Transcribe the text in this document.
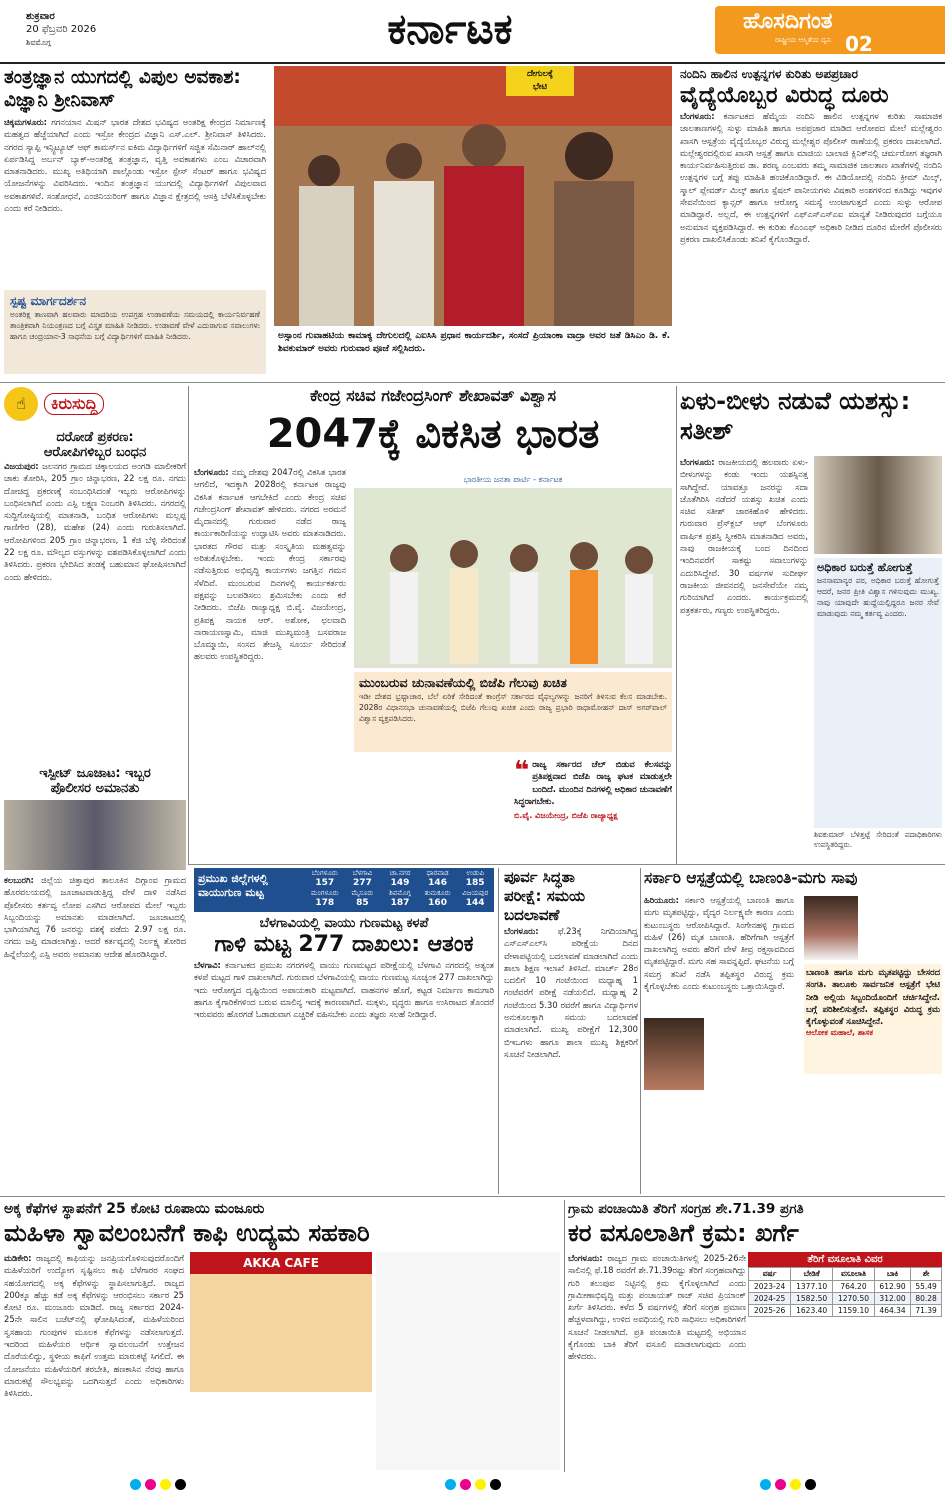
ಶುಕ್ರವಾರ
20 ಫೆಬ್ರವರಿ 2026
ಶಿವಮೊಗ್ಗ	ಕರ್ನಾಟಕ	ಹೊಸದಿಗಂತ
ರಾಷ್ಟ್ರೀಯ ಆಸ್ಮಿತೆಯ ದ್ವನಿ 02
ತಂತ್ರಜ್ಞಾನ ಯುಗದಲ್ಲಿ ವಿಪುಲ ಅವಕಾಶ: ವಿಜ್ಞಾನಿ ಶ್ರೀನಿವಾಸ್
ಚಿಕ್ಕಮಗಳೂರು: ಗಗನಯಾನ ಮಿಷನ್ ಭಾರತ ದೇಶದ ಭವಿಷ್ಯದ ಅಂತರಿಕ್ಷ ಕೇಂದ್ರದ ನಿರ್ಮಾಣಕ್ಕೆ ಮಹತ್ವದ ಹೆಜ್ಜೆಯಾಗಿದೆ ಎಂದು ಇಸ್ರೋ ಕೇಂದ್ರದ ವಿಜ್ಞಾನಿ ಎಸ್.ಎಲ್. ಶ್ರೀನಿವಾಸ್ ತಿಳಿಸಿದರು. ನಗರದ ಸ್ಯಾಪ್ಪಿ ಇನ್ಸ್ಟಿಟ್ಯೂಟ್ ಆಫ್ ಕಾಮರ್ಸ್‌ನ ಐಕಿಮ ವಿದ್ಯಾರ್ಥಿಗಳಿಗೆ ಸಜ್ಜಿತ ಸೆಮಿನಾರ್ ಹಾಲ್‌ನಲ್ಲಿ ಏರ್ಪಡಿಸಿದ್ದ ಅರ್ಬನ್ ಬ್ಯಾಕ್-ಅಂತರಿಕ್ಷ ತಂತ್ರಜ್ಞಾನ, ವೃತ್ತಿ ಅವಕಾಶಗಳು ಎಂಬ ವಿಚಾರವಾಗಿ ಮಾತನಾಡಿದರು. ಮುಖ್ಯ ಅತಿಥಿಯಾಗಿ ಪಾಲ್ಗೊಂಡು ಇಸ್ರೋ ಸ್ಪೇಸ್ ಸೆಂಟರ್ ಹಾಗೂ ಭವಿಷ್ಯದ ಯೋಜನೆಗಳನ್ನು ವಿವರಿಸಿದರು. ಇಂದಿನ ತಂತ್ರಜ್ಞಾನ ಯುಗದಲ್ಲಿ ವಿದ್ಯಾರ್ಥಿಗಳಿಗೆ ವಿಪುಲವಾದ ಅವಕಾಶಗಳಿವೆ. ಸಂಶೋಧನೆ, ಎಂಜಿನಿಯರಿಂಗ್ ಹಾಗೂ ವಿಜ್ಞಾನ ಕ್ಷೇತ್ರದಲ್ಲಿ ಆಸಕ್ತಿ ಬೆಳೆಸಿಕೊಳ್ಳಬೇಕು ಎಂದು ಕರೆ ನೀಡಿದರು.
ಸ್ಪಷ್ಟ ಮಾರ್ಗದರ್ಶನ
ಅಂತರಿಕ್ಷ ತಾಣವಾಗಿ ಹಲವಾರು ಮಾದರಿಯ ಉಪಗ್ರಹ ಉಡಾವಣೆಯ ಸಮಯದಲ್ಲಿ ಕಾರ್ಯನಿರ್ವಹಣೆ ತಾಂತ್ರಿಕವಾಗಿ ನಿಯಂತ್ರಣದ ಬಗ್ಗೆ ವಿಸ್ತೃತ ಮಾಹಿತಿ ನೀಡಿದರು. ಉಡಾವಣೆ ವೇಳೆ ಎದುರಾಗುವ ಸವಾಲುಗಳು ಹಾಗೂ ಚಂದ್ರಯಾನ-3 ಸಾಧನೆಯ ಬಗ್ಗೆ ವಿದ್ಯಾರ್ಥಿಗಳಿಗೆ ಮಾಹಿತಿ ನೀಡಿದರು.
ದೇಗುಲಕ್ಕೆ
ಭೇಟಿ
ಅಸ್ಸಾಂನ ಗುವಾಹಟಿಯ ಕಾಮಾಕ್ಯ ದೇಗುಲದಲ್ಲಿ ಎಐಸಿಸಿ ಪ್ರಧಾನ ಕಾರ್ಯದರ್ಶಿ, ಸಂಸದೆ ಪ್ರಿಯಾಂಕಾ ವಾದ್ರಾ ಅವರ ಜತೆ ಡಿಸಿಎಂ ಡಿ. ಕೆ. ಶಿವಕುಮಾರ್ ಅವರು ಗುರುವಾರ ಪೂಜೆ ಸಲ್ಲಿಸಿದರು.
ನಂದಿನಿ ಹಾಲಿನ ಉತ್ಪನ್ನಗಳ ಕುರಿತು ಅಪಪ್ರಚಾರ
ವೈದ್ಯೆಯೊಬ್ಬರ ವಿರುದ್ಧ ದೂರು
ಬೆಂಗಳೂರು: ಕರ್ನಾಟಕದ ಹೆಮ್ಮೆಯ ನಂದಿನಿ ಹಾಲಿನ ಉತ್ಪನ್ನಗಳ ಕುರಿತು ಸಾಮಾಜಿಕ ಜಾಲತಾಣಗಳಲ್ಲಿ ಸುಳ್ಳು ಮಾಹಿತಿ ಹಾಗೂ ಅಪಪ್ರಚಾರ ಮಾಡಿದ ಆರೋಪದ ಮೇಲೆ ಮಲ್ಲೇಶ್ವರಂ ಖಾಸಗಿ ಆಸ್ಪತ್ರೆಯ ವೈದ್ಯೆಯೊಬ್ಬರ ವಿರುದ್ಧ ಮಲ್ಲೇಶ್ವರ ಪೊಲೀಸ್ ಠಾಣೆಯಲ್ಲಿ ಪ್ರಕರಣ ದಾಖಲಾಗಿದೆ. ಮಲ್ಲೇಶ್ವರದಲ್ಲಿರುವ ಖಾಸಗಿ ಆಸ್ಪತ್ರೆ ಹಾಗೂ ಮಾಜಿಯ ಬಾಲಾಜಿ ಕ್ಲಿನಿಕ್‌ನಲ್ಲಿ ಚರ್ಮರೋಗ ತಜ್ಞರಾಗಿ ಕಾರ್ಯನಿರ್ವಹಿಸುತ್ತಿರುವ ಡಾ. ಶರಣ್ಯ ಎಂಬವರು ತಮ್ಮ ಸಾಮಾಜಿಕ ಜಾಲತಾಣ ಖಾತೆಗಳಲ್ಲಿ ನಂದಿನಿ ಉತ್ಪನ್ನಗಳ ಬಗ್ಗೆ ತಪ್ಪು ಮಾಹಿತಿ ಹಂಚಿಕೊಂಡಿದ್ದಾರೆ. ಈ ವಿಡಿಯೋದಲ್ಲಿ ನಂದಿನಿ ಕ್ರೀಮ್ ಮಿಲ್ಕ್, ಸ್ಮಾಲ್ ಪ್ಲೇವರ್ಡ್ ಮಿಲ್ಕ್ ಹಾಗೂ ಸ್ಪೆಷಲ್ ಪಾನೀಯಗಳು ವಿಷಕಾರಿ ಅಂಶಗಳಿಂದ ಕೂಡಿದ್ದು ಇವುಗಳ ಸೇವನೆಯಿಂದ ಕ್ಯಾನ್ಸರ್ ಹಾಗೂ ಆರೋಗ್ಯ ಸಮಸ್ಯೆ ಉಂಟಾಗುತ್ತದೆ ಎಂದು ಸುಳ್ಳು ಆರೋಪ ಮಾಡಿದ್ದಾರೆ. ಅಲ್ಲದೆ, ಈ ಉತ್ಪನ್ನಗಳಿಗೆ ಎಫ್‌ಎಸ್‌ಎಸ್‌ಎಐ ಮಾನ್ಯತೆ ನೀಡಿರುವುದರ ಬಗ್ಗೆಯೂ ಅನುಮಾನ ವ್ಯಕ್ತಪಡಿಸಿದ್ದಾರೆ. ಈ ಕುರಿತು ಕೆಎಂಎಫ್ ಅಧಿಕಾರಿ ನೀಡಿದ ದೂರಿನ ಮೇರೆಗೆ ಪೊಲೀಸರು ಪ್ರಕರಣ ದಾಖಲಿಸಿಕೊಂಡು ತನಿಖೆ ಕೈಗೊಂಡಿದ್ದಾರೆ.
☝	ಕಿರುಸುದ್ದಿ
ದರೋಡೆ ಪ್ರಕರಣ:
ಆರೋಪಿಗಳಿಬ್ಬರ ಬಂಧನ
ವಿಜಯಪುರ: ಜಲನಗರ ಗ್ರಾಮದ ಚಿಕ್ಕಾಲಯದ ಅಂಗಡಿ ಮಾಲೀಕರಿಗೆ ಚಾಕು ತೋರಿಸಿ, 205 ಗ್ರಾಂ ಚಿನ್ನಾಭರಣ, 22 ಲಕ್ಷ ರೂ. ನಗದು ದೋಚಿದ್ದ ಪ್ರಕರಣಕ್ಕೆ ಸಂಬಂಧಿಸಿದಂತೆ ಇಬ್ಬರು ಆರೋಪಿಗಳನ್ನು ಬಂಧಿಸಲಾಗಿದೆ ಎಂದು ಎಸ್ಪಿ ಲಕ್ಷ್ಮಣ ನಿಂಬರಗಿ ತಿಳಿಸಿದರು. ನಗರದಲ್ಲಿ ಸುದ್ದಿಗೋಷ್ಠಿಯಲ್ಲಿ ಮಾತನಾಡಿ, ಬಂಧಿತ ಆರೋಪಿಗಳು ಮಲ್ಲಪ್ಪ ಗಾಣಿಗೇರ (28), ಮಹೇಶ (24) ಎಂದು ಗುರುತಿಸಲಾಗಿದೆ. ಆರೋಪಿಗಳಿಂದ 205 ಗ್ರಾಂ ಚಿನ್ನಾಭರಣ, 1 ಕೆಜಿ ಬೆಳ್ಳಿ ಸೇರಿದಂತೆ 22 ಲಕ್ಷ ರೂ. ಮೌಲ್ಯದ ವಸ್ತುಗಳನ್ನು ವಶಪಡಿಸಿಕೊಳ್ಳಲಾಗಿದೆ ಎಂದು ತಿಳಿಸಿದರು. ಪ್ರಕರಣ ಭೇದಿಸಿದ ತಂಡಕ್ಕೆ ಬಹುಮಾನ ಘೋಷಿಸಲಾಗಿದೆ ಎಂದು ಹೇಳಿದರು.
ಇಸ್ಪೀಟ್ ಜೂಜಾಟ: ಇಬ್ಬರ
ಪೊಲೀಸರ ಅಮಾನತು
ಕಲಬುರಗಿ: ಜಿಲ್ಲೆಯ ಚಿತ್ತಾಪುರ ತಾಲೂಕಿನ ದಿಗ್ಗಾಂವ ಗ್ರಾಮದ ಹೊರವಲಯದಲ್ಲಿ ಜೂಜಾಟವಾಡುತ್ತಿದ್ದ ವೇಳೆ ದಾಳಿ ನಡೆಸಿದ ಪೊಲೀಸರು ಕರ್ತವ್ಯ ಲೋಪ ಎಸಗಿದ ಆರೋಪದ ಮೇಲೆ ಇಬ್ಬರು ಸಿಬ್ಬಂದಿಯನ್ನು ಅಮಾನತು ಮಾಡಲಾಗಿದೆ. ಜೂಜಾಟದಲ್ಲಿ ಭಾಗಿಯಾಗಿದ್ದ 76 ಜನರನ್ನು ವಶಕ್ಕೆ ಪಡೆದು 2.97 ಲಕ್ಷ ರೂ. ನಗದು ಜಪ್ತಿ ಮಾಡಲಾಗಿತ್ತು. ಆದರೆ ಕರ್ತವ್ಯದಲ್ಲಿ ನಿರ್ಲಕ್ಷ್ಯ ತೋರಿದ ಹಿನ್ನೆಲೆಯಲ್ಲಿ ಎಸ್ಪಿ ಅವರು ಅಮಾನತು ಆದೇಶ ಹೊರಡಿಸಿದ್ದಾರೆ.
ಕೇಂದ್ರ ಸಚಿವ ಗಜೇಂದ್ರಸಿಂಗ್ ಶೇಖಾವತ್ ವಿಶ್ವಾಸ
2047ಕ್ಕೆ ವಿಕಸಿತ ಭಾರತ
ಬೆಂಗಳೂರು: ನಮ್ಮ ದೇಶವು 2047ರಲ್ಲಿ ವಿಕಸಿತ ಭಾರತ ಆಗಲಿದೆ, ಇದಕ್ಕಾಗಿ 2028ರಲ್ಲಿ ಕರ್ನಾಟಕ ರಾಜ್ಯವು ವಿಕಸಿತ ಕರ್ನಾಟಕ ಆಗಬೇಕಿದೆ ಎಂದು ಕೇಂದ್ರ ಸಚಿವ ಗಜೇಂದ್ರಸಿಂಗ್ ಶೇಖಾವತ್ ಹೇಳಿದರು. ನಗರದ ಅರಮನೆ ಮೈದಾನದಲ್ಲಿ ಗುರುವಾರ ನಡೆದ ರಾಜ್ಯ ಕಾರ್ಯಕಾರಿಣಿಯನ್ನು ಉದ್ಘಾಟಿಸಿ ಅವರು ಮಾತನಾಡಿದರು. ಭಾರತದ ಗೌರವ ಮತ್ತು ಸಂಸ್ಕೃತಿಯ ಮಹತ್ವವನ್ನು ಅರಿತುಕೊಳ್ಳಬೇಕು. ಇಂದು ಕೇಂದ್ರ ಸರ್ಕಾರವು ನಡೆಸುತ್ತಿರುವ ಅಭಿವೃದ್ಧಿ ಕಾರ್ಯಗಳು ಜಗತ್ತಿನ ಗಮನ ಸೆಳೆದಿವೆ. ಮುಂಬರುವ ದಿನಗಳಲ್ಲಿ ಕಾರ್ಯಕರ್ತರು ಪಕ್ಷವನ್ನು ಬಲಪಡಿಸಲು ಶ್ರಮಿಸಬೇಕು ಎಂದು ಕರೆ ನೀಡಿದರು. ಬಿಜೆಪಿ ರಾಜ್ಯಾಧ್ಯಕ್ಷ ಬಿ.ವೈ. ವಿಜಯೇಂದ್ರ, ಪ್ರತಿಪಕ್ಷ ನಾಯಕ ಆರ್. ಅಶೋಕ, ಛಲವಾದಿ ನಾರಾಯಣಸ್ವಾಮಿ, ಮಾಜಿ ಮುಖ್ಯಮಂತ್ರಿ ಬಸವರಾಜ ಬೊಮ್ಮಾಯಿ, ಸಂಸದ ತೇಜಸ್ವಿ ಸೂರ್ಯ ಸೇರಿದಂತೆ ಹಲವರು ಉಪಸ್ಥಿತರಿದ್ದರು.
ಭಾರತೀಯ ಜನತಾ ಪಾರ್ಟಿ - ಕರ್ನಾಟಕ
ಮುಂಬರುವ ಚುನಾವಣೆಯಲ್ಲಿ ಬಿಜೆಪಿ ಗೆಲುವು ಖಚಿತ
ಇಡೀ ದೇಶದ ಭ್ರಷ್ಟಾಚಾರ, ಬೆಲೆ ಏರಿಕೆ ಸೇರಿದಂತೆ ಕಾಂಗ್ರೆಸ್ ಸರ್ಕಾರದ ವೈಫಲ್ಯಗಳನ್ನು ಜನರಿಗೆ ತಿಳಿಸುವ ಕೆಲಸ ಮಾಡಬೇಕು. 2028ರ ವಿಧಾನಸಭಾ ಚುನಾವಣೆಯಲ್ಲಿ ಬಿಜೆಪಿ ಗೆಲುವು ಖಚಿತ ಎಂದು ರಾಜ್ಯ ಪ್ರಭಾರಿ ರಾಧಾಮೋಹನ್ ದಾಸ್ ಅಗರ್‌ವಾಲ್ ವಿಶ್ವಾಸ ವ್ಯಕ್ತಪಡಿಸಿದರು.
❝ ರಾಜ್ಯ ಸರ್ಕಾರದ ಚೆಲ್ ಬಿಡುವ ಕೆಲಸವನ್ನು ಪ್ರತಿಪಕ್ಷವಾದ ಬಿಜೆಪಿ ರಾಜ್ಯ ಘಟಕ ಮಾಡುತ್ತಲೇ ಬಂದಿದೆ. ಮುಂದಿನ ದಿನಗಳಲ್ಲಿ ಅಧಿಕಾರ ಚುನಾವಣೆಗೆ ಸಿದ್ಧರಾಗಬೇಕು.
ಬಿ.ವೈ. ವಿಜಯೇಂದ್ರ, ಬಿಜೆಪಿ ರಾಜ್ಯಾಧ್ಯಕ್ಷ
ಏಳು-ಬೀಳು ನಡುವೆ ಯಶಸ್ಸು: ಸತೀಶ್
ಬೆಂಗಳೂರು: ರಾಜಕೀಯದಲ್ಲಿ ಹಲವಾರು ಏಳು-ಬೀಳುಗಳನ್ನು ಕಂಡು ಇಂದು ಯಶಸ್ಸಿನತ್ತ ಸಾಗಿದ್ದೇವೆ. ಯಾವತ್ತೂ ಜನರನ್ನು ಸದಾ ಜೊತೆಗಿರಿಸಿ ನಡೆದರೆ ಯಶಸ್ಸು ಖಚಿತ ಎಂದು ಸಚಿವ ಸತೀಶ್ ಜಾರಕಿಹೊಳಿ ಹೇಳಿದರು. ಗುರುವಾರ ಪ್ರೆಸ್‌ಕ್ಲಬ್ ಆಫ್ ಬೆಂಗಳೂರು ವಾರ್ಷಿಕ ಪ್ರಶಸ್ತಿ ಸ್ವೀಕರಿಸಿ ಮಾತನಾಡಿದ ಅವರು, ನಾವು ರಾಜಕೀಯಕ್ಕೆ ಬಂದ ದಿನದಿಂದ ಇಂದಿನವರೆಗೆ ಸಾಕಷ್ಟು ಸವಾಲುಗಳನ್ನು ಎದುರಿಸಿದ್ದೇವೆ. 30 ವರ್ಷಗಳ ಸುದೀರ್ಘ ರಾಜಕೀಯ ಜೀವನದಲ್ಲಿ ಜನಸೇವೆಯೇ ನಮ್ಮ ಗುರಿಯಾಗಿದೆ ಎಂದರು. ಕಾರ್ಯಕ್ರಮದಲ್ಲಿ ಪತ್ರಕರ್ತರು, ಗಣ್ಯರು ಉಪಸ್ಥಿತರಿದ್ದರು.
ಅಧಿಕಾರ ಬರುತ್ತೆ ಹೋಗುತ್ತೆ
ಜನಸಾಮಾನ್ಯರ ಪರ, ಅಧಿಕಾರ ಬರುತ್ತೆ ಹೋಗುತ್ತೆ ಆದರೆ, ಜನರ ಪ್ರೀತಿ ವಿಶ್ವಾಸ ಗಳಿಸುವುದು ಮುಖ್ಯ. ನಾವು ಯಾವುದೇ ಹುದ್ದೆಯಲ್ಲಿದ್ದರೂ ಜನರ ಸೇವೆ ಮಾಡುವುದು ನಮ್ಮ ಕರ್ತವ್ಯ ಎಂದರು.
ಶಿವಕುಮಾರ್ ಬೆಳಿತ್ತಟ್ಟೆ ಸೇರಿದಂತೆ ಪದಾಧಿಕಾರಿಗಳು ಉಪಸ್ಥಿತರಿದ್ದರು.
ಪ್ರಮುಖ ಜಿಲ್ಲೆಗಳಲ್ಲಿ ವಾಯುಗುಣ ಮಟ್ಟ
ಬೆಂಗಳೂರು	ಬೆಳಗಾವಿ	ಚಾ.ನಗರ	ಧಾರವಾಡ	ಉಡುಪಿ
157	277	149	146	185
ಮಂಗಳೂರು	ಮೈಸೂರು	ಶಿವಮೊಗ್ಗ	ತುಮಕೂರು	ವಿಜಯಪುರ
178	85	187	160	144
ಬೆಳಗಾವಿಯಲ್ಲಿ ವಾಯು ಗುಣಮಟ್ಟ ಕಳಪೆ
ಗಾಳಿ ಮಟ್ಟ 277 ದಾಖಲು: ಆತಂಕ
ಬೆಳಗಾವಿ: ಕರ್ನಾಟಕದ ಪ್ರಮುಖ ನಗರಗಳಲ್ಲಿ ವಾಯು ಗುಣಮಟ್ಟದ ಪರೀಕ್ಷೆಯಲ್ಲಿ ಬೆಳಗಾವಿ ನಗರದಲ್ಲಿ ಅತ್ಯಂತ ಕಳಪೆ ಮಟ್ಟದ ಗಾಳಿ ದಾಖಲಾಗಿದೆ. ಗುರುವಾರ ಬೆಳಗಾವಿಯಲ್ಲಿ ವಾಯು ಗುಣಮಟ್ಟ ಸೂಚ್ಯಂಕ 277 ದಾಖಲಾಗಿದ್ದು ಇದು ಆರೋಗ್ಯದ ದೃಷ್ಟಿಯಿಂದ ಅಪಾಯಕಾರಿ ಮಟ್ಟವಾಗಿದೆ. ವಾಹನಗಳ ಹೊಗೆ, ಕಟ್ಟಡ ನಿರ್ಮಾಣ ಕಾಮಗಾರಿ ಹಾಗೂ ಕೈಗಾರಿಕೆಗಳಿಂದ ಬರುವ ಮಾಲಿನ್ಯ ಇದಕ್ಕೆ ಕಾರಣವಾಗಿದೆ. ಮಕ್ಕಳು, ವೃದ್ಧರು ಹಾಗೂ ಉಸಿರಾಟದ ತೊಂದರೆ ಇರುವವರು ಹೊರಗಡೆ ಓಡಾಡುವಾಗ ಎಚ್ಚರಿಕೆ ವಹಿಸಬೇಕು ಎಂದು ತಜ್ಞರು ಸಲಹೆ ನೀಡಿದ್ದಾರೆ.
ಪೂರ್ವ ಸಿದ್ಧತಾ
ಪರೀಕ್ಷೆ: ಸಮಯ ಬದಲಾವಣೆ
ಬೆಂಗಳೂರು: ಫೆ.23ಕ್ಕೆ ನಿಗದಿಯಾಗಿದ್ದ ಎಸ್‌ಎಸ್‌ಎಲ್‌ಸಿ ಪರೀಕ್ಷೆಯ ದಿನದ ವೇಳಾಪಟ್ಟಿಯಲ್ಲಿ ಬದಲಾವಣೆ ಮಾಡಲಾಗಿದೆ ಎಂದು ಶಾಲಾ ಶಿಕ್ಷಣ ಇಲಾಖೆ ತಿಳಿಸಿದೆ. ಮಾರ್ಚ್ 28ರ ಬದಲಿಗೆ 10 ಗಂಟೆಯಿಂದ ಮಧ್ಯಾಹ್ನ 1 ಗಂಟೆವರೆಗೆ ಪರೀಕ್ಷೆ ನಡೆಯಲಿದೆ. ಮಧ್ಯಾಹ್ನ 2 ಗಂಟೆಯಿಂದ 5.30 ರವರೆಗೆ ಹಾಗೂ ವಿದ್ಯಾರ್ಥಿಗಳ ಅನುಕೂಲಕ್ಕಾಗಿ ಸಮಯ ಬದಲಾವಣೆ ಮಾಡಲಾಗಿದೆ. ಮುಖ್ಯ ಪರೀಕ್ಷೆಗೆ 12,300 ಬಿಇಒಗಳು ಹಾಗೂ ಶಾಲಾ ಮುಖ್ಯ ಶಿಕ್ಷಕರಿಗೆ ಸೂಚನೆ ನೀಡಲಾಗಿದೆ.
ಸರ್ಕಾರಿ ಆಸ್ಪತ್ರೆಯಲ್ಲಿ ಬಾಣಂತಿ-ಮಗು ಸಾವು
ಹಿರಿಯೂರು: ಸರ್ಕಾರಿ ಆಸ್ಪತ್ರೆಯಲ್ಲಿ ಬಾಣಂತಿ ಹಾಗೂ ಮಗು ಮೃತಪಟ್ಟಿದ್ದು, ವೈದ್ಯರ ನಿರ್ಲಕ್ಷ್ಯವೇ ಕಾರಣ ಎಂದು ಕುಟುಂಬಸ್ಥರು ಆರೋಪಿಸಿದ್ದಾರೆ. ಸಿಂಗೇನಹಳ್ಳಿ ಗ್ರಾಮದ ಮಹಿಳೆ (26) ಮೃತ ಬಾಣಂತಿ. ಹೆರಿಗೆಗಾಗಿ ಆಸ್ಪತ್ರೆಗೆ ದಾಖಲಾಗಿದ್ದ ಅವರು ಹೆರಿಗೆ ವೇಳೆ ತೀವ್ರ ರಕ್ತಸ್ರಾವದಿಂದ ಮೃತಪಟ್ಟಿದ್ದಾರೆ. ಮಗು ಸಹ ಸಾವನ್ನಪ್ಪಿದೆ. ಘಟನೆಯ ಬಗ್ಗೆ ಸಮಗ್ರ ತನಿಖೆ ನಡೆಸಿ ತಪ್ಪಿತಸ್ಥರ ವಿರುದ್ಧ ಕ್ರಮ ಕೈಗೊಳ್ಳಬೇಕು ಎಂದು ಕುಟುಂಬಸ್ಥರು ಒತ್ತಾಯಿಸಿದ್ದಾರೆ.
ಬಾಣಂತಿ ಹಾಗೂ ಮಗು ಮೃತಪಟ್ಟಿದ್ದು ಬೇಸರದ ಸಂಗತಿ. ತಾಲೂಕು ಸಾರ್ವಜನಿಕ ಆಸ್ಪತ್ರೆಗೆ ಭೇಟಿ ನೀಡಿ ಅಲ್ಲಿಯ ಸಿಬ್ಬಂದಿಯೊಂದಿಗೆ ಚರ್ಚಿಸಿದ್ದೇನೆ. ಬಗ್ಗೆ ಪರಿಶೀಲಿಸುತ್ತೇನೆ. ತಪ್ಪಿತಸ್ಥರ ವಿರುದ್ಧ ಕ್ರಮ ಕೈಗೊಳ್ಳುವಂತೆ ಸೂಚಿಸಿದ್ದೇನೆ.
ಆಲೋಕ ಮಹಾಲೆ, ಶಾಸಕ
ಅಕ್ಕ ಕೆಫೆಗಳ ಸ್ಥಾಪನೆಗೆ 25 ಕೋಟಿ ರೂಪಾಯಿ ಮಂಜೂರು
ಮಹಿಳಾ ಸ್ವಾವಲಂಬನೆಗೆ ಕಾಫಿ ಉದ್ಯಮ ಸಹಕಾರಿ
ಮಡಿಕೇರಿ: ರಾಜ್ಯದಲ್ಲಿ ಕಾಫಿಯನ್ನು ಜನಪ್ರಿಯಗೊಳಿಸುವುದರೊಂದಿಗೆ ಮಹಿಳೆಯರಿಗೆ ಉದ್ಯೋಗ ಸೃಷ್ಟಿಸಲು ಕಾಫಿ ಬೆಳೆಗಾರರ ಸಂಘದ ಸಹಯೋಗದಲ್ಲಿ ಅಕ್ಕ ಕೆಫೆಗಳನ್ನು ಸ್ಥಾಪಿಸಲಾಗುತ್ತಿದೆ. ರಾಜ್ಯದ 200ಕ್ಕೂ ಹೆಚ್ಚು ಕಡೆ ಅಕ್ಕ ಕೆಫೆಗಳನ್ನು ಆರಂಭಿಸಲು ಸರ್ಕಾರ 25 ಕೋಟಿ ರೂ. ಮಂಜೂರು ಮಾಡಿದೆ. ರಾಜ್ಯ ಸರ್ಕಾರದ 2024-25ನೇ ಸಾಲಿನ ಬಜೆಟ್‌ನಲ್ಲಿ ಘೋಷಿಸಿದಂತೆ, ಮಹಿಳೆಯರಿಂದ ಸ್ವಸಹಾಯ ಗುಂಪುಗಳ ಮೂಲಕ ಕೆಫೆಗಳನ್ನು ನಡೆಸಲಾಗುತ್ತದೆ. ಇದರಿಂದ ಮಹಿಳೆಯರ ಆರ್ಥಿಕ ಸ್ವಾವಲಂಬನೆಗೆ ಉತ್ತೇಜನ ದೊರೆಯಲಿದ್ದು, ಸ್ಥಳೀಯ ಕಾಫಿಗೆ ಉತ್ತಮ ಮಾರುಕಟ್ಟೆ ಸಿಗಲಿದೆ. ಈ ಯೋಜನೆಯು ಮಹಿಳೆಯರಿಗೆ ತರಬೇತಿ, ಹಣಕಾಸಿನ ನೆರವು ಹಾಗೂ ಮಾರುಕಟ್ಟೆ ಸೌಲಭ್ಯವನ್ನು ಒದಗಿಸುತ್ತದೆ ಎಂದು ಅಧಿಕಾರಿಗಳು ತಿಳಿಸಿದರು.
AKKA CAFE
ಗ್ರಾಮ ಪಂಚಾಯಿತಿ ತೆರಿಗೆ ಸಂಗ್ರಹ ಶೇ.71.39 ಪ್ರಗತಿ
ಕರ ವಸೂಲಾತಿಗೆ ಕ್ರಮ: ಖರ್ಗೆ
ಬೆಂಗಳೂರು: ರಾಜ್ಯದ ಗ್ರಾಮ ಪಂಚಾಯಿತಿಗಳಲ್ಲಿ 2025-26ನೇ ಸಾಲಿನಲ್ಲಿ ಫೆ.18 ರವರೆಗೆ ಶೇ.71.39ರಷ್ಟು ತೆರಿಗೆ ಸಂಗ್ರಹವಾಗಿದ್ದು ಗುರಿ ತಲುಪುವ ನಿಟ್ಟಿನಲ್ಲಿ ಕ್ರಮ ಕೈಗೊಳ್ಳಲಾಗಿದೆ ಎಂದು ಗ್ರಾಮೀಣಾಭಿವೃದ್ಧಿ ಮತ್ತು ಪಂಚಾಯತ್ ರಾಜ್ ಸಚಿವ ಪ್ರಿಯಾಂಕ್ ಖರ್ಗೆ ತಿಳಿಸಿದರು. ಕಳೆದ 5 ವರ್ಷಗಳಲ್ಲಿ ತೆರಿಗೆ ಸಂಗ್ರಹ ಪ್ರಮಾಣ ಹೆಚ್ಚಳವಾಗಿದ್ದು, ಉಳಿದ ಅವಧಿಯಲ್ಲಿ ಗುರಿ ಸಾಧಿಸಲು ಅಧಿಕಾರಿಗಳಿಗೆ ಸೂಚನೆ ನೀಡಲಾಗಿದೆ. ಪ್ರತಿ ಪಂಚಾಯಿತಿ ಮಟ್ಟದಲ್ಲಿ ಅಭಿಯಾನ ಕೈಗೊಂಡು ಬಾಕಿ ತೆರಿಗೆ ವಸೂಲಿ ಮಾಡಲಾಗುವುದು ಎಂದು ಹೇಳಿದರು.
ತೆರಿಗೆ ವಸೂಲಾತಿ ವಿವರ
ವರ್ಷ	ಬೇಡಿಕೆ	ವಸೂಲಾತಿ	ಬಾಕಿ	ಶೇ
2023-24	1377.10	764.20	612.90	55.49
2024-25	1582.50	1270.50	312.00	80.28
2025-26	1623.40	1159.10	464.34	71.39
